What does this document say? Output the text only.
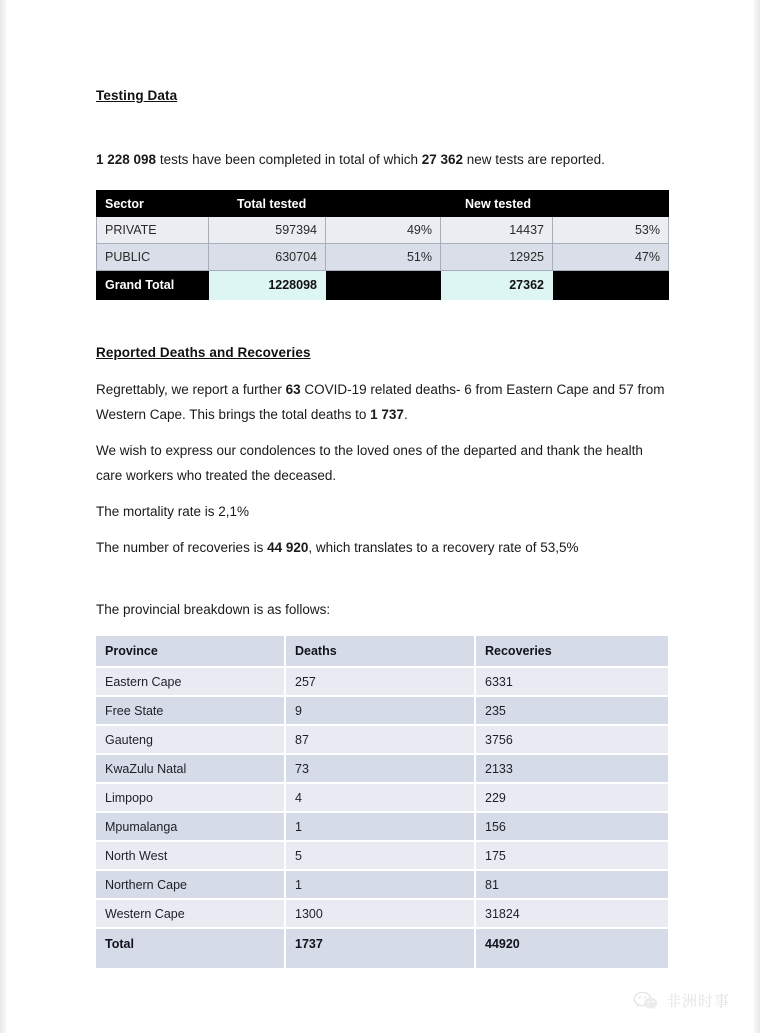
Testing Data

1 228 098 tests have been completed in total of which 27 362 new tests are reported.

Sector	Total tested		New tested	
PRIVATE	597394	49%	14437	53%
PUBLIC	630704	51%	12925	47%
Grand Total	1228098		27362	
Reported Deaths and Recoveries

Regrettably, we report a further 63 COVID-19 related deaths- 6 from Eastern Cape and 57 from Western Cape. This brings the total deaths to 1 737.

We wish to express our condolences to the loved ones of the departed and thank the health care workers who treated the deceased.

The mortality rate is 2,1%

The number of recoveries is 44 920, which translates to a recovery rate of 53,5%

The provincial breakdown is as follows:

Province	Deaths	Recoveries
Eastern Cape	257	6331
Free State	9	235
Gauteng	87	3756
KwaZulu Natal	73	2133
Limpopo	4	229
Mpumalanga	1	156
North West	5	175
Northern Cape	1	81
Western Cape	1300	31824
Total	1737	44920

非洲时事
